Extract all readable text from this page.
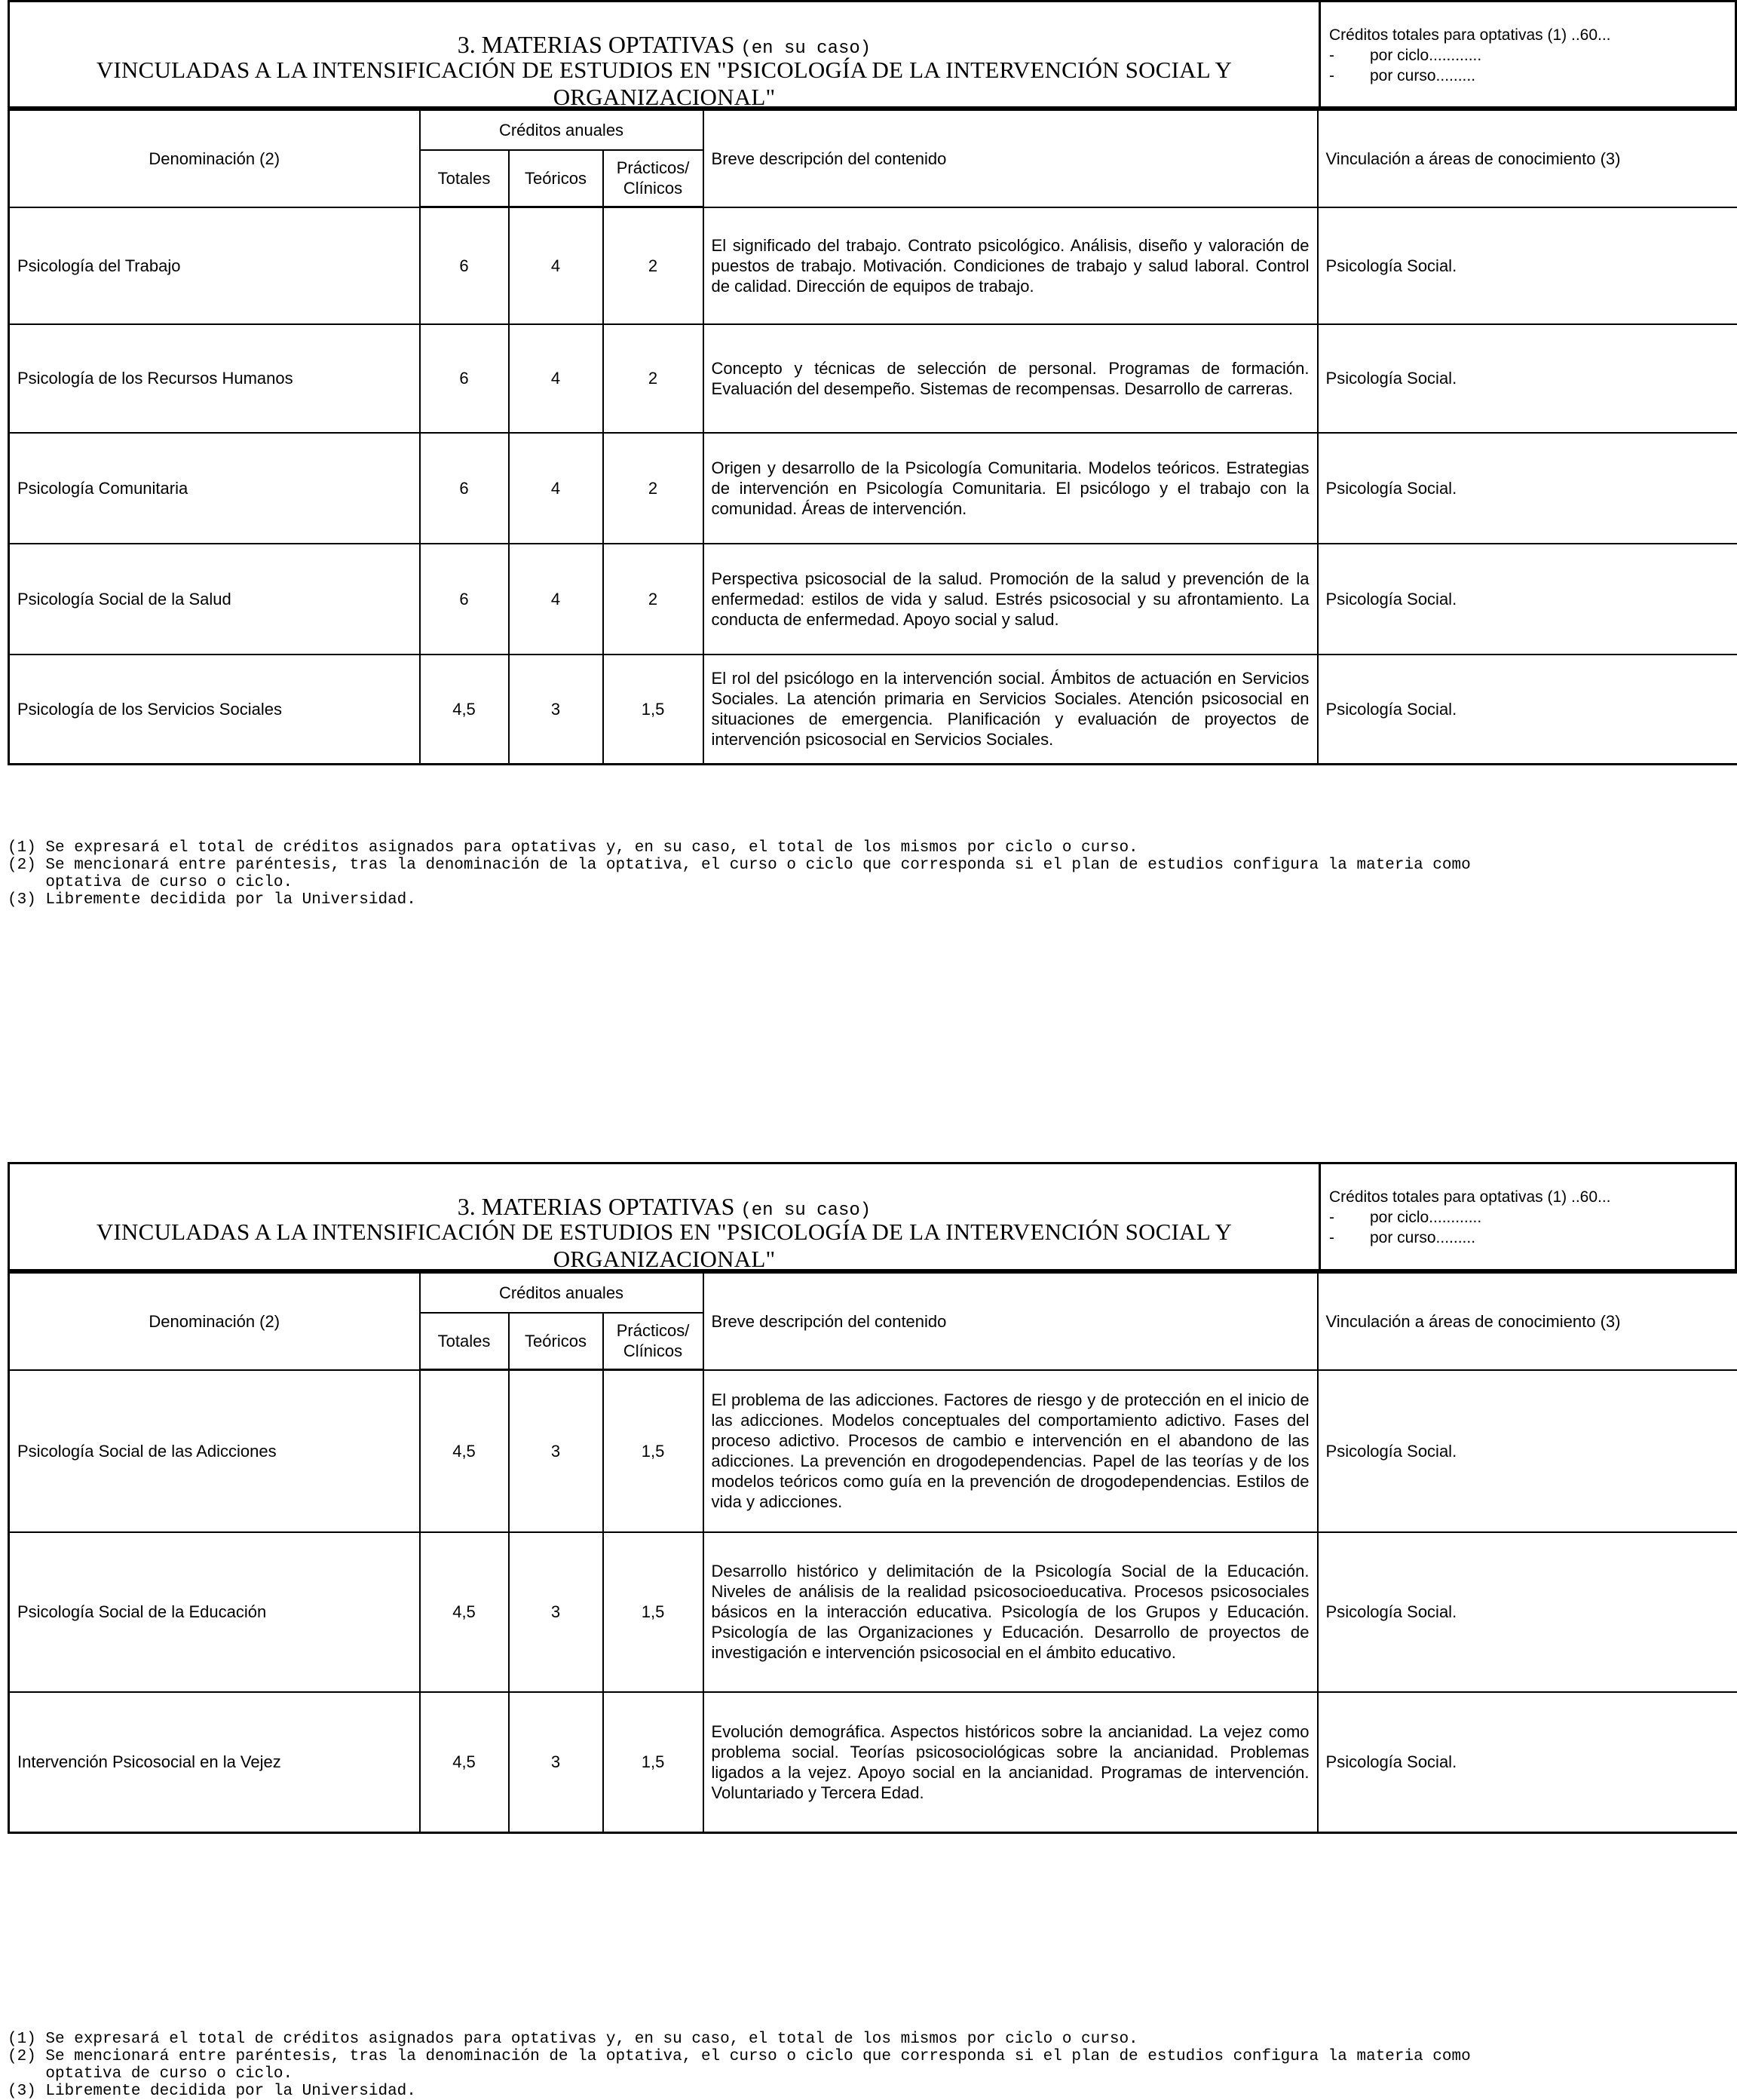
3. MATERIAS OPTATIVAS (en su caso)
VINCULADAS A LA INTENSIFICACIÓN DE ESTUDIOS EN "PSICOLOGÍA DE LA INTERVENCIÓN SOCIAL Y ORGANIZACIONAL"
Créditos totales para optativas (1) ..60...
- por ciclo............
- por curso.........
Denominación (2)	Créditos anuales			Breve descripción del contenido	Vinculación a áreas de conocimiento (3)
	Totales	Teóricos	Prácticos/
Clínicos		
Psicología del Trabajo	6	4	2	El significado del trabajo. Contrato psicológico. Análisis, diseño y valoración de puestos de trabajo. Motivación. Condiciones de trabajo y salud laboral. Control de calidad. Dirección de equipos de trabajo.	Psicología Social.
Psicología de los Recursos Humanos	6	4	2	Concepto y técnicas de selección de personal. Programas de formación. Evaluación del desempeño. Sistemas de recompensas. Desarrollo de carreras.	Psicología Social.
Psicología Comunitaria	6	4	2	Origen y desarrollo de la Psicología Comunitaria. Modelos teóricos. Estrategias de intervención en Psicología Comunitaria. El psicólogo y el trabajo con la comunidad. Áreas de intervención.	Psicología Social.
Psicología Social de la Salud	6	4	2	Perspectiva psicosocial de la salud. Promoción de la salud y prevención de la enfermedad: estilos de vida y salud. Estrés psicosocial y su afrontamiento. La conducta de enfermedad. Apoyo social y salud.	Psicología Social.
Psicología de los Servicios Sociales	4,5	3	1,5	El rol del psicólogo en la intervención social. Ámbitos de actuación en Servicios Sociales. La atención primaria en Servicios Sociales. Atención psicosocial en situaciones de emergencia. Planificación y evaluación de proyectos de intervención psicosocial en Servicios Sociales.	Psicología Social.
(1) Se expresará el total de créditos asignados para optativas y, en su caso, el total de los mismos por ciclo o curso.
(2) Se mencionará entre paréntesis, tras la denominación de la optativa, el curso o ciclo que corresponda si el plan de estudios configura la materia como
optativa de curso o ciclo.
(3) Libremente decidida por la Universidad.
3. MATERIAS OPTATIVAS (en su caso)
VINCULADAS A LA INTENSIFICACIÓN DE ESTUDIOS EN "PSICOLOGÍA DE LA INTERVENCIÓN SOCIAL Y ORGANIZACIONAL"
Créditos totales para optativas (1) ..60...
- por ciclo............
- por curso.........
Denominación (2)	Créditos anuales			Breve descripción del contenido	Vinculación a áreas de conocimiento (3)
	Totales	Teóricos	Prácticos/
Clínicos		
Psicología Social de las Adicciones	4,5	3	1,5	El problema de las adicciones. Factores de riesgo y de protección en el inicio de las adicciones. Modelos conceptuales del comportamiento adictivo. Fases del proceso adictivo. Procesos de cambio e intervención en el abandono de las adicciones. La prevención en drogodependencias. Papel de las teorías y de los modelos teóricos como guía en la prevención de drogodependencias. Estilos de vida y adicciones.	Psicología Social.
Psicología Social de la Educación	4,5	3	1,5	Desarrollo histórico y delimitación de la Psicología Social de la Educación. Niveles de análisis de la realidad psicosocioeducativa. Procesos psicosociales básicos en la interacción educativa. Psicología de los Grupos y Educación. Psicología de las Organizaciones y Educación. Desarrollo de proyectos de investigación e intervención psicosocial en el ámbito educativo.	Psicología Social.
Intervención Psicosocial en la Vejez	4,5	3	1,5	Evolución demográfica. Aspectos históricos sobre la ancianidad. La vejez como problema social. Teorías psicosociológicas sobre la ancianidad. Problemas ligados a la vejez. Apoyo social en la ancianidad. Programas de intervención. Voluntariado y Tercera Edad.	Psicología Social.
(1) Se expresará el total de créditos asignados para optativas y, en su caso, el total de los mismos por ciclo o curso.
(2) Se mencionará entre paréntesis, tras la denominación de la optativa, el curso o ciclo que corresponda si el plan de estudios configura la materia como
optativa de curso o ciclo.
(3) Libremente decidida por la Universidad.
